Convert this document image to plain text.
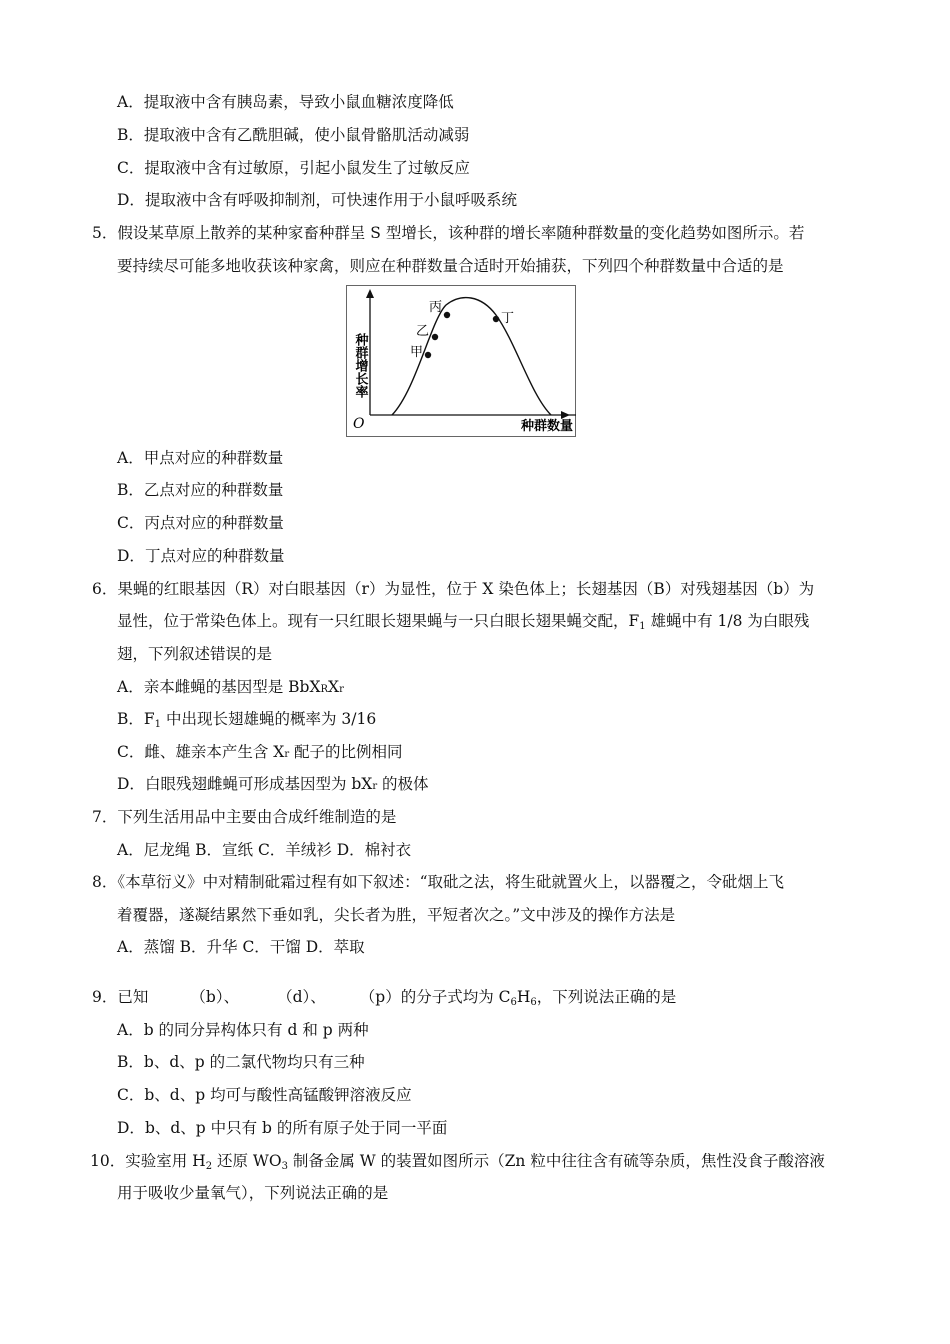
A．提取液中含有胰岛素，导致小鼠血糖浓度降低
B．提取液中含有乙酰胆碱，使小鼠骨骼肌活动减弱
C．提取液中含有过敏原，引起小鼠发生了过敏反应
D．提取液中含有呼吸抑制剂，可快速作用于小鼠呼吸系统
5．假设某草原上散养的某种家畜种群呈 S 型增长，该种群的增长率随种群数量的变化趋势如图所示。若
要持续尽可能多地收获该种家禽，则应在种群数量合适时开始捕获，下列四个种群数量中合适的是
甲
乙
丙
丁
O	种群数量
种群增长率
A．甲点对应的种群数量
B．乙点对应的种群数量
C．丙点对应的种群数量
D．丁点对应的种群数量
6．果蝇的红眼基因（R）对白眼基因（r）为显性，位于 X 染色体上；长翅基因（B）对残翅基因（b）为
显性，位于常染色体上。现有一只红眼长翅果蝇与一只白眼长翅果蝇交配，$F_1$ 雄蝇中有 1/8 为白眼残
翅，下列叙述错误的是
A．亲本雌蝇的基因型是 BbXRXr
B．$F_1$ 中出现长翅雄蝇的概率为 3/16
C．雌、雄亲本产生含 Xr 配子的比例相同
D．白眼残翅雌蝇可形成基因型为 bXr 的极体
7．下列生活用品中主要由合成纤维制造的是
A．尼龙绳 B．宣纸 C．羊绒衫 D．棉衬衣
8．《本草衍义》中对精制砒霜过程有如下叙述：“取砒之法，将生砒就置火上，以器覆之，令砒烟上飞
着覆器，遂凝结累然下垂如乳，尖长者为胜，平短者次之。”文中涉及的操作方法是
A．蒸馏 B．升华 C．干馏 D．萃取
9．已知	（b）、 （d）、 （p）的分子式均为 $C_6H_6$，下列说法正确的是
A．b 的同分异构体只有 d 和 p 两种
B．b、d、p 的二氯代物均只有三种
C．b、d、p 均可与酸性高锰酸钾溶液反应
D．b、d、p 中只有 b 的所有原子处于同一平面
10．实验室用 $H_2$ 还原 $WO_3$ 制备金属 W 的装置如图所示（Zn 粒中往往含有硫等杂质，焦性没食子酸溶液
用于吸收少量氧气），下列说法正确的是
